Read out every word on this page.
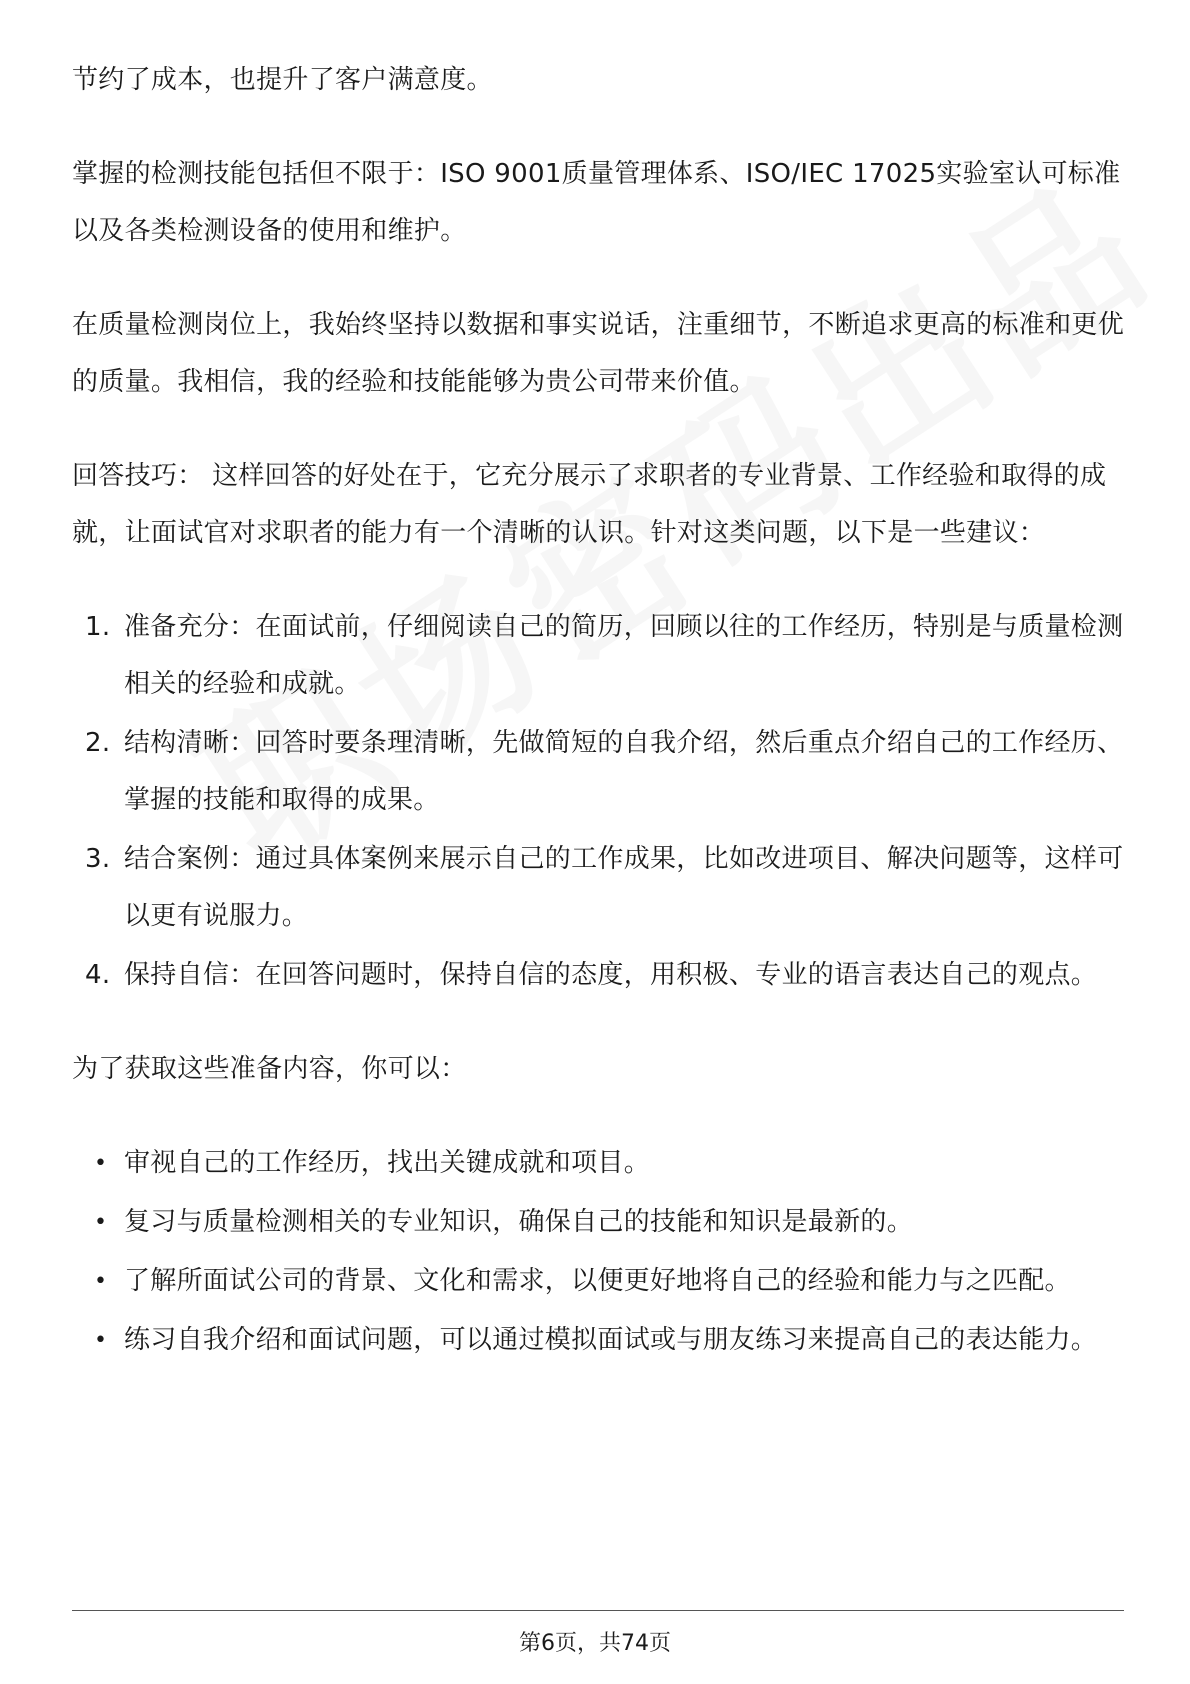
节约了成本，也提升了客户满意度。

掌握的检测技能包括但不限于：ISO 9001质量管理体系、ISO/IEC 17025实验室认可标准以及各类检测设备的使用和维护。

在质量检测岗位上，我始终坚持以数据和事实说话，注重细节，不断追求更高的标准和更优的质量。我相信，我的经验和技能能够为贵公司带来价值。

回答技巧： 这样回答的好处在于，它充分展示了求职者的专业背景、工作经验和取得的成就，让面试官对求职者的能力有一个清晰的认识。针对这类问题，以下是一些建议：

1. 准备充分：在面试前，仔细阅读自己的简历，回顾以往的工作经历，特别是与质量检测相关的经验和成就。
2. 结构清晰：回答时要条理清晰，先做简短的自我介绍，然后重点介绍自己的工作经历、掌握的技能和取得的成果。
3. 结合案例：通过具体案例来展示自己的工作成果，比如改进项目、解决问题等，这样可以更有说服力。
4. 保持自信：在回答问题时，保持自信的态度，用积极、专业的语言表达自己的观点。

为了获取这些准备内容，你可以：

• 审视自己的工作经历，找出关键成就和项目。
• 复习与质量检测相关的专业知识，确保自己的技能和知识是最新的。
• 了解所面试公司的背景、文化和需求，以便更好地将自己的经验和能力与之匹配。
• 练习自我介绍和面试问题，可以通过模拟面试或与朋友练习来提高自己的表达能力。
第6页，共74页
